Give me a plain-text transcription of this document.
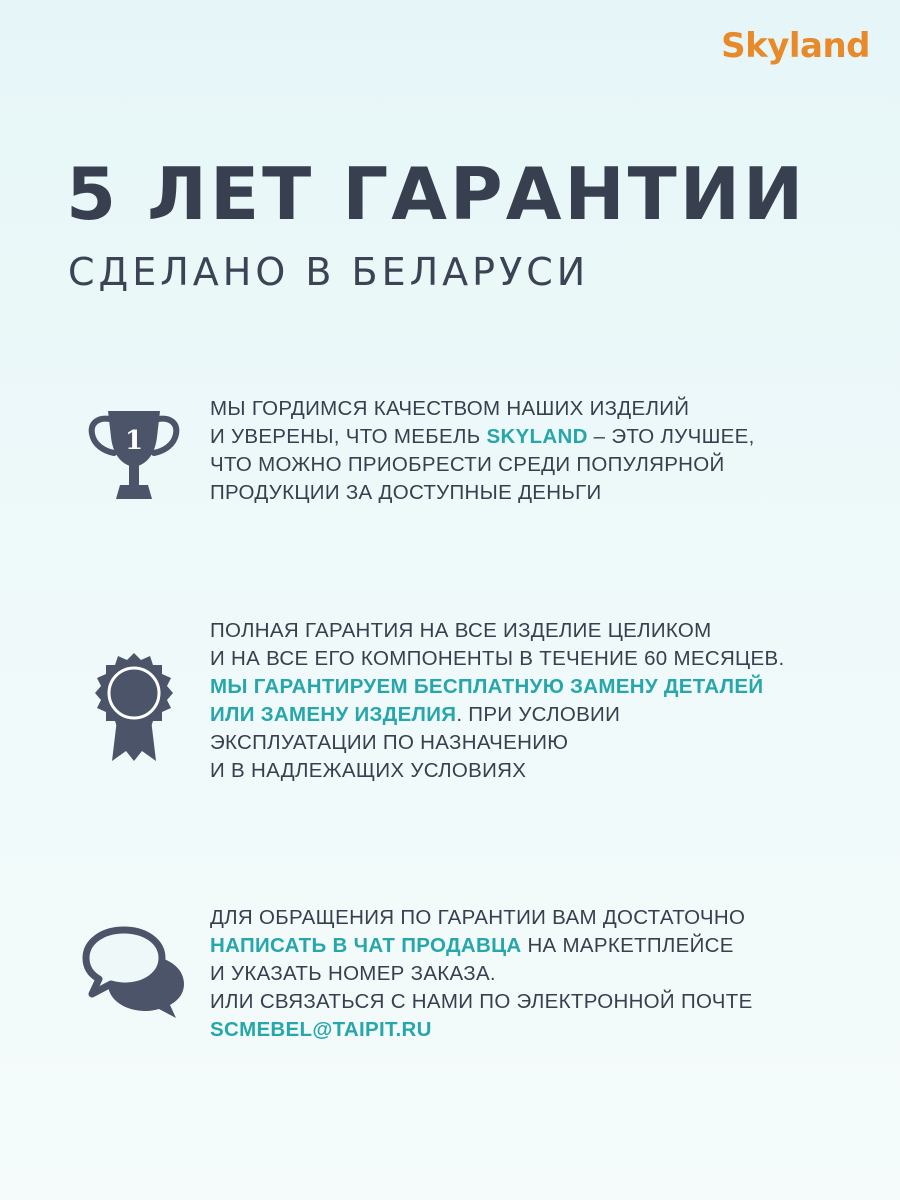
Skyland
5 ЛЕТ ГАРАНТИИ
СДЕЛАНО В БЕЛАРУСИ
1
МЫ ГОРДИМСЯ КАЧЕСТВОМ НАШИХ ИЗДЕЛИЙ
И УВЕРЕНЫ, ЧТО МЕБЕЛЬ SKYLAND – ЭТО ЛУЧШЕЕ,
ЧТО МОЖНО ПРИОБРЕСТИ СРЕДИ ПОПУЛЯРНОЙ
ПРОДУКЦИИ ЗА ДОСТУПНЫЕ ДЕНЬГИ
ПОЛНАЯ ГАРАНТИЯ НА ВСЕ ИЗДЕЛИЕ ЦЕЛИКОМ
И НА ВСЕ ЕГО КОМПОНЕНТЫ В ТЕЧЕНИЕ 60 МЕСЯЦЕВ.
МЫ ГАРАНТИРУЕМ БЕСПЛАТНУЮ ЗАМЕНУ ДЕТАЛЕЙ
ИЛИ ЗАМЕНУ ИЗДЕЛИЯ. ПРИ УСЛОВИИ
ЭКСПЛУАТАЦИИ ПО НАЗНАЧЕНИЮ
И В НАДЛЕЖАЩИХ УСЛОВИЯХ
ДЛЯ ОБРАЩЕНИЯ ПО ГАРАНТИИ ВАМ ДОСТАТОЧНО
НАПИСАТЬ В ЧАТ ПРОДАВЦА НА МАРКЕТПЛЕЙСЕ
И УКАЗАТЬ НОМЕР ЗАКАЗА.
ИЛИ СВЯЗАТЬСЯ С НАМИ ПО ЭЛЕКТРОННОЙ ПОЧТЕ
SCMEBEL@TAIPIT.RU
